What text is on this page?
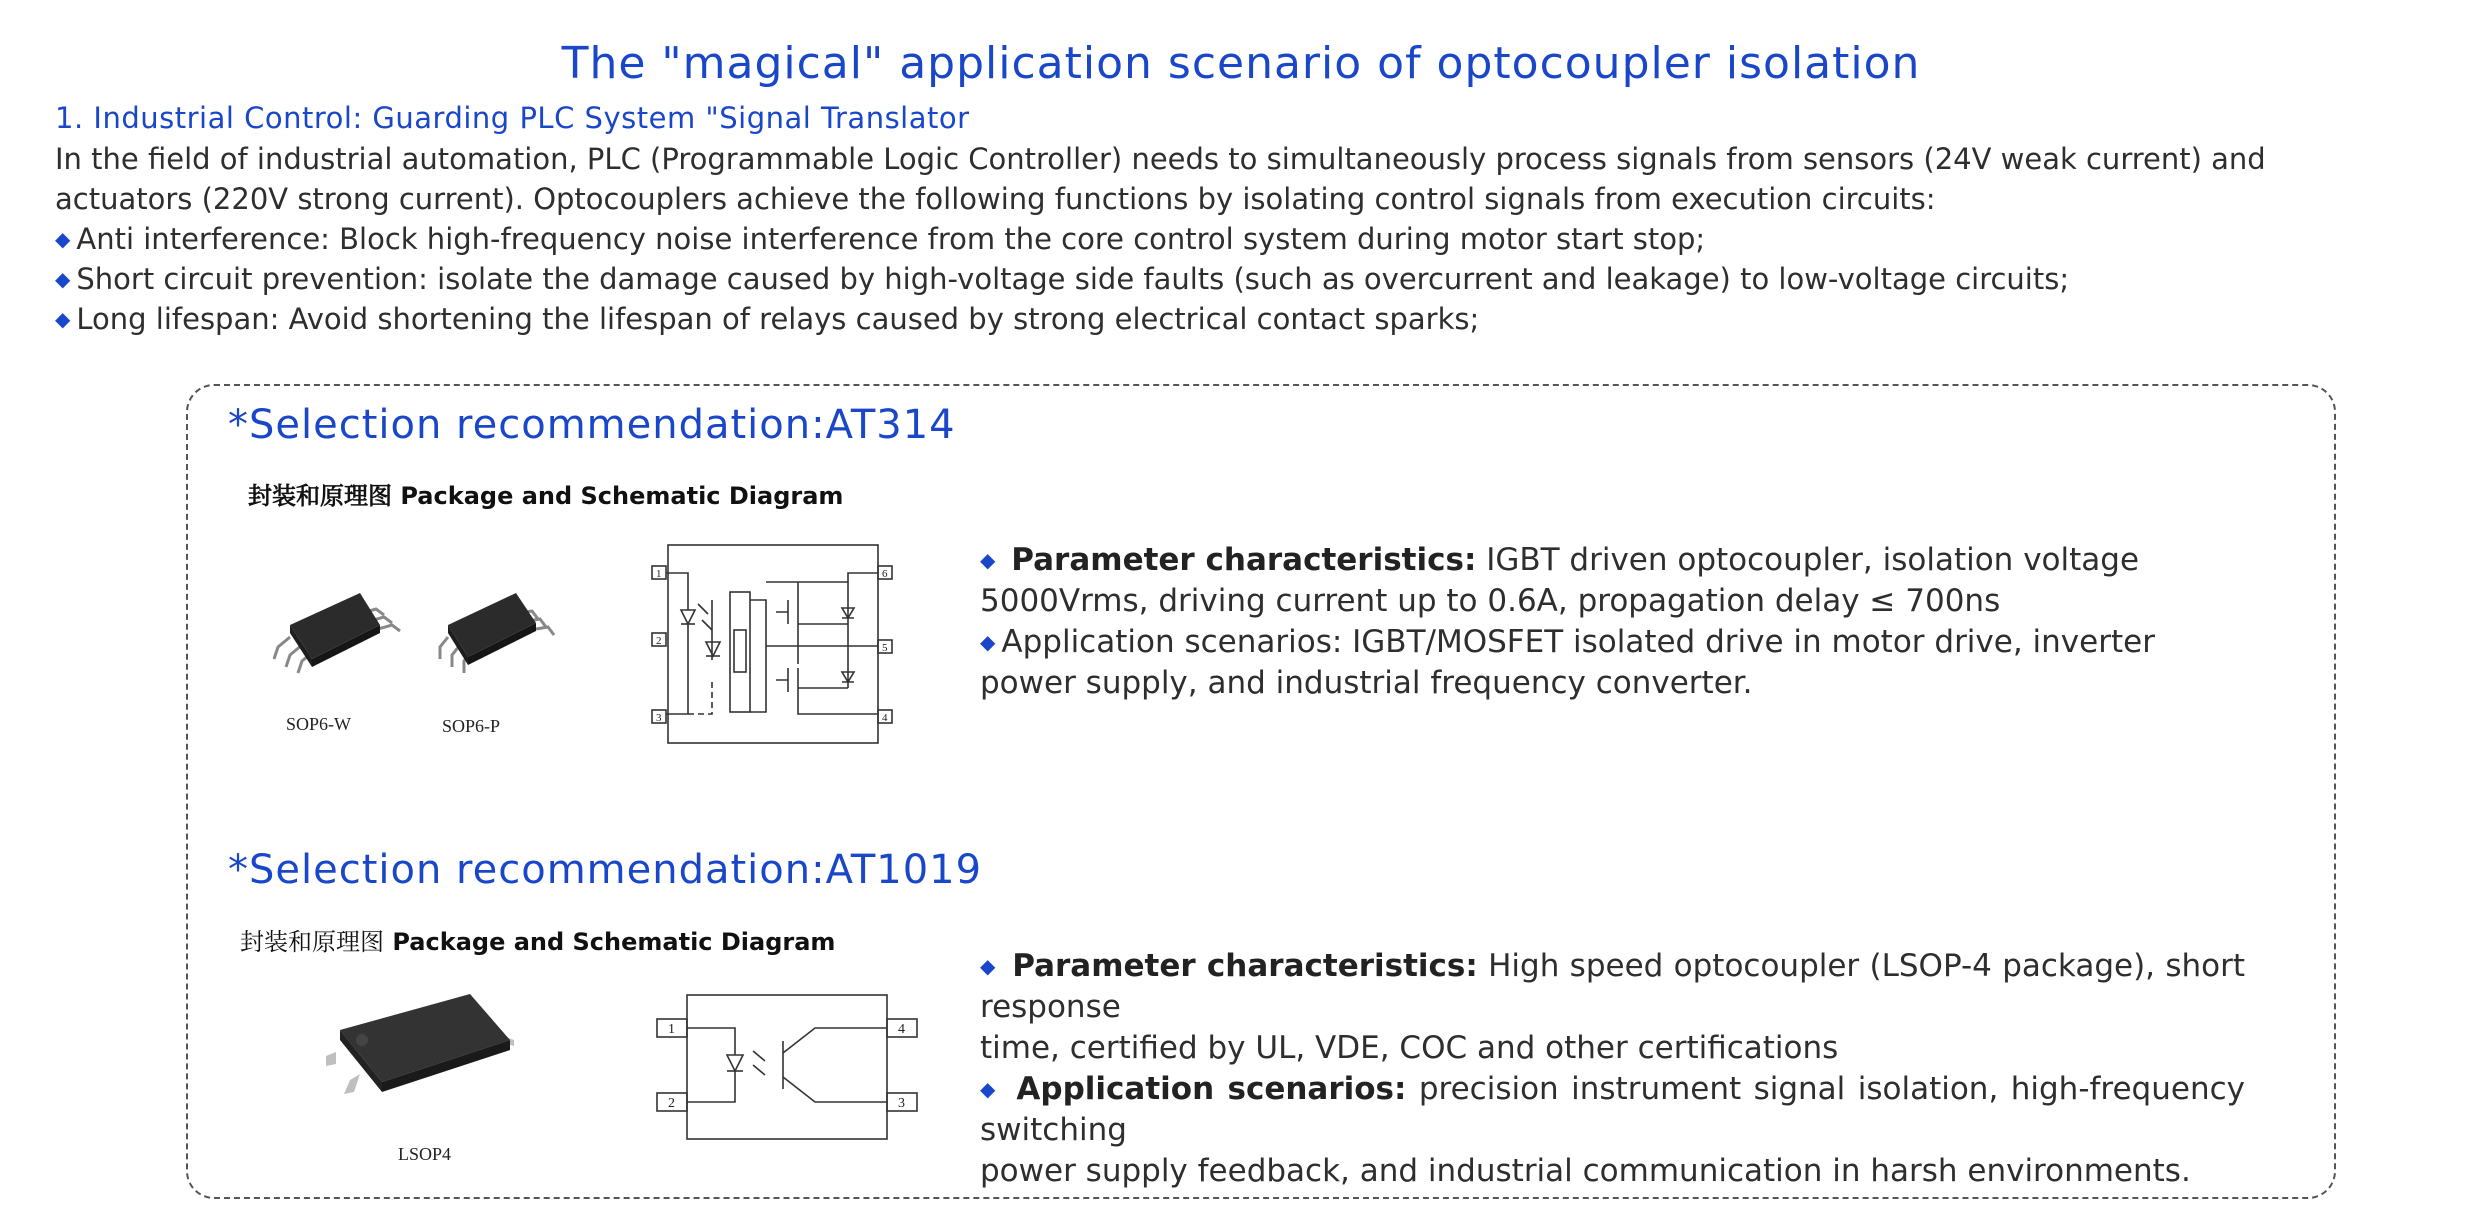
The "magical" application scenario of optocoupler isolation
1. Industrial Control: Guarding PLC System "Signal Translator
In the field of industrial automation, PLC (Programmable Logic Controller) needs to simultaneously process signals from sensors (24V weak current) and
actuators (220V strong current). Optocouplers achieve the following functions by isolating control signals from execution circuits:
◆ Anti interference: Block high-frequency noise interference from the core control system during motor start stop;
◆ Short circuit prevention: isolate the damage caused by high-voltage side faults (such as overcurrent and leakage) to low-voltage circuits;
◆ Long lifespan: Avoid shortening the lifespan of relays caused by strong electrical contact sparks;
*Selection recommendation:AT314
封装和原理图 Package and Schematic Diagram
SOP6-W	SOP6-P
1
2
3
6
5
4
◆ Parameter characteristics: IGBT driven optocoupler, isolation voltage
5000Vrms, driving current up to 0.6A, propagation delay ≤ 700ns
◆ Application scenarios: IGBT/MOSFET isolated drive in motor drive, inverter
power supply, and industrial frequency converter.
*Selection recommendation:AT1019
封装和原理图 Package and Schematic Diagram
LSOP4
1
2
4
3
◆ Parameter characteristics: High speed optocoupler (LSOP-4 package), short response
time, certified by UL, VDE, COC and other certifications
◆ Application scenarios: precision instrument signal isolation, high-frequency switching
power supply feedback, and industrial communication in harsh environments.
